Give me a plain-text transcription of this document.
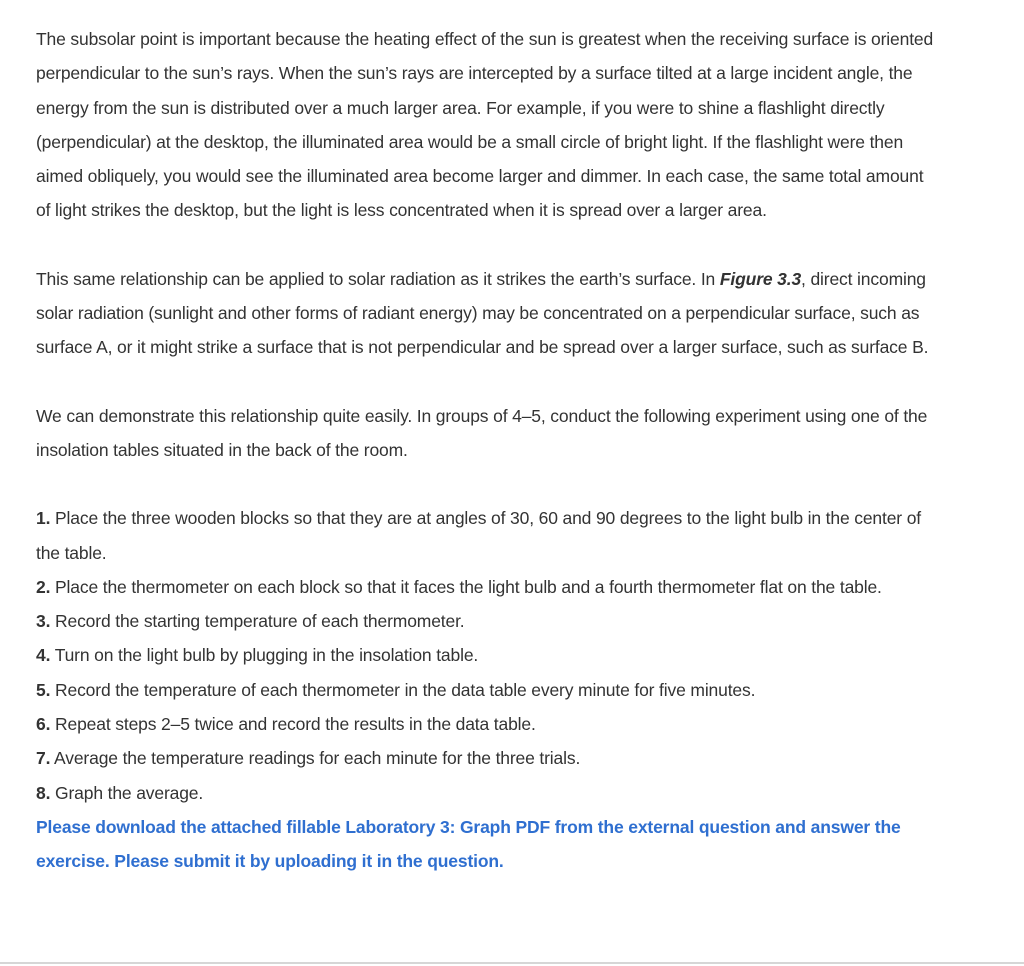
The subsolar point is important because the heating effect of the sun is greatest when the receiving surface is oriented perpendicular to the sun’s rays. When the sun’s rays are intercepted by a surface tilted at a large incident angle, the energy from the sun is distributed over a much larger area. For example, if you were to shine a flashlight directly (perpendicular) at the desktop, the illuminated area would be a small circle of bright light. If the flashlight were then aimed obliquely, you would see the illuminated area become larger and dimmer. In each case, the same total amount of light strikes the desktop, but the light is less concentrated when it is spread over a larger area.

This same relationship can be applied to solar radiation as it strikes the earth’s surface. In Figure 3.3, direct incoming solar radiation (sunlight and other forms of radiant energy) may be concentrated on a perpendicular surface, such as surface A, or it might strike a surface that is not perpendicular and be spread over a larger surface, such as surface B.

We can demonstrate this relationship quite easily. In groups of 4–5, conduct the following experiment using one of the insolation tables situated in the back of the room.

1. Place the three wooden blocks so that they are at angles of 30, 60 and 90 degrees to the light bulb in the center of the table.
2. Place the thermometer on each block so that it faces the light bulb and a fourth thermometer flat on the table.
3. Record the starting temperature of each thermometer.
4. Turn on the light bulb by plugging in the insolation table.
5. Record the temperature of each thermometer in the data table every minute for five minutes.
6. Repeat steps 2–5 twice and record the results in the data table.
7. Average the temperature readings for each minute for the three trials.
8. Graph the average.

Please download the attached fillable Laboratory 3: Graph PDF from the external question and answer the exercise. Please submit it by uploading it in the question.
